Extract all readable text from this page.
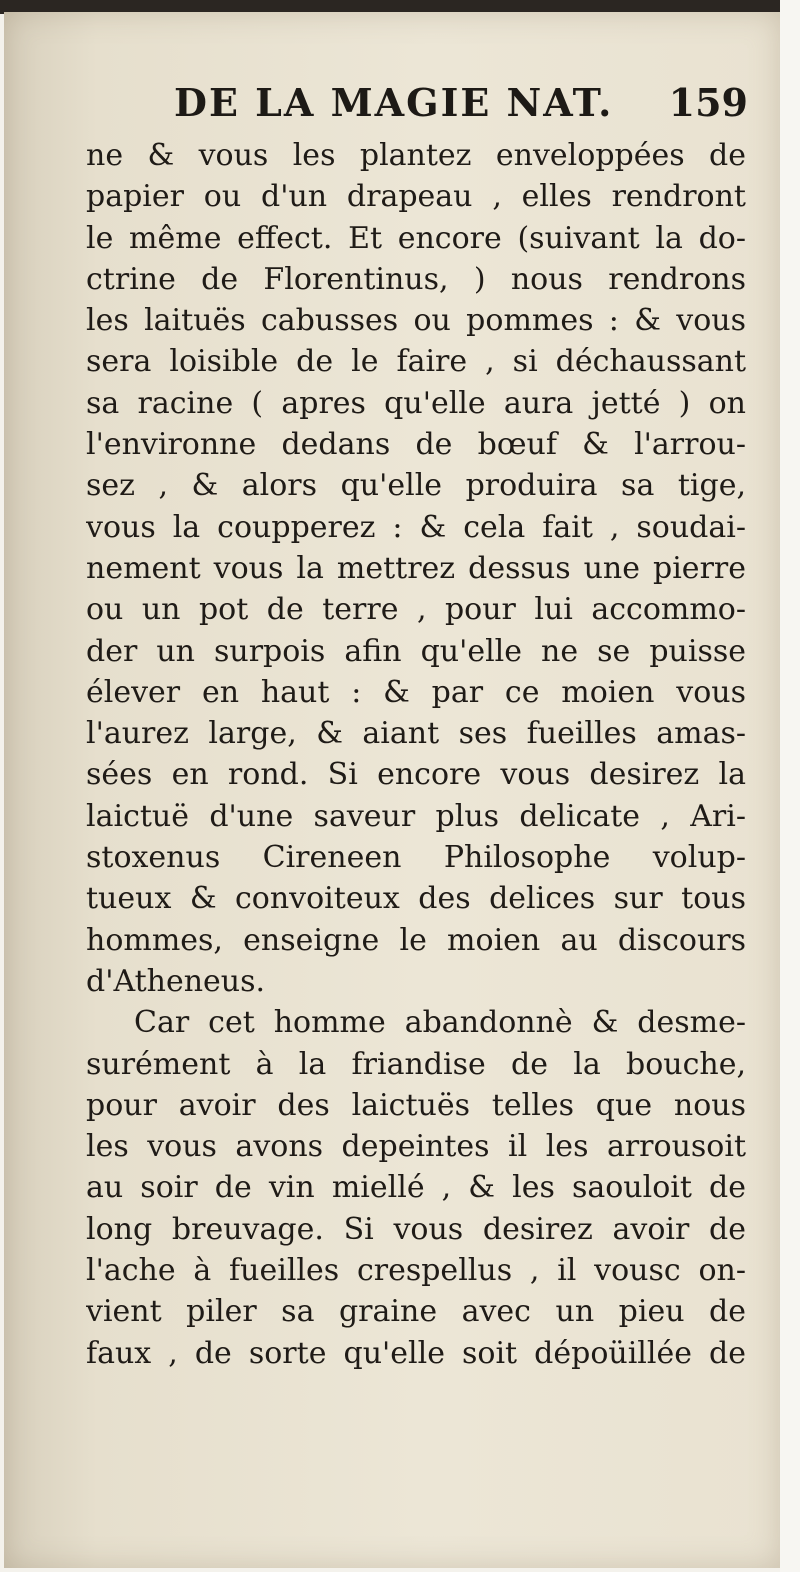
DE LA MAGIE NAT. 159
ne & vous les plantez enveloppées de
papier ou d'un drapeau , elles rendront
le même effect. Et encore (suivant la do-
ctrine de Florentinus, ) nous rendrons
les laituës cabusses ou pommes : & vous
sera loisible de le faire , si déchaussant
sa racine ( apres qu'elle aura jetté ) on
l'environne dedans de bœuf & l'arrou-
sez , & alors qu'elle produira sa tige,
vous la coupperez : & cela fait , soudai-
nement vous la mettrez dessus une pierre
ou un pot de terre , pour lui accommo-
der un surpois afin qu'elle ne se puisse
élever en haut : & par ce moien vous
l'aurez large, & aiant ses fueilles amas-
sées en rond. Si encore vous desirez la
laictuë d'une saveur plus delicate , Ari-
stoxenus Cireneen Philosophe volup-
tueux & convoiteux des delices sur tous
hommes, enseigne le moien au discours
d'Atheneus.
Car cet homme abandonnè & desme-
surément à la friandise de la bouche,
pour avoir des laictuës telles que nous
les vous avons depeintes il les arrousoit
au soir de vin miellé , & les saouloit de
long breuvage. Si vous desirez avoir de
l'ache à fueilles crespellus , il vousc on-
vient piler sa graine avec un pieu de
faux , de sorte qu'elle soit dépoüillée de
